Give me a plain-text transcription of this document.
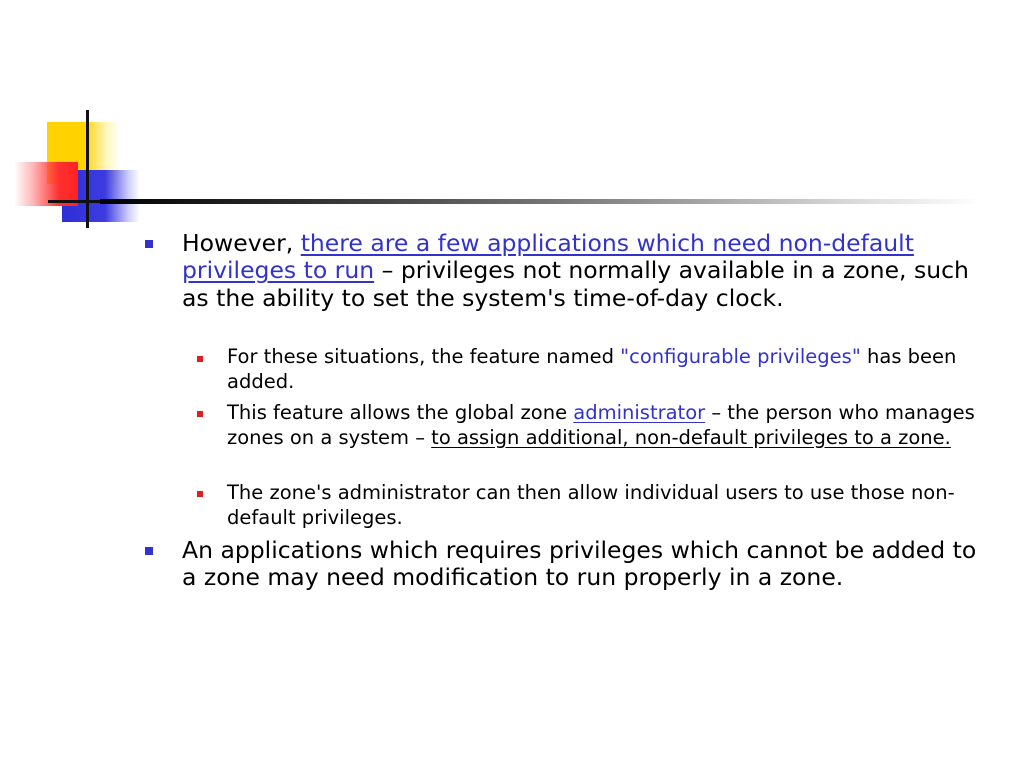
However, there are a few applications which need non-default privileges to run – privileges not normally available in a zone, such as the ability to set the system's time-of-day clock.
For these situations, the feature named "configurable privileges" has been added.
This feature allows the global zone administrator – the person who manages zones on a system – to assign additional, non-default privileges to a zone.
The zone's administrator can then allow individual users to use those non-default privileges.
An applications which requires privileges which cannot be added to a zone may need modification to run properly in a zone.
